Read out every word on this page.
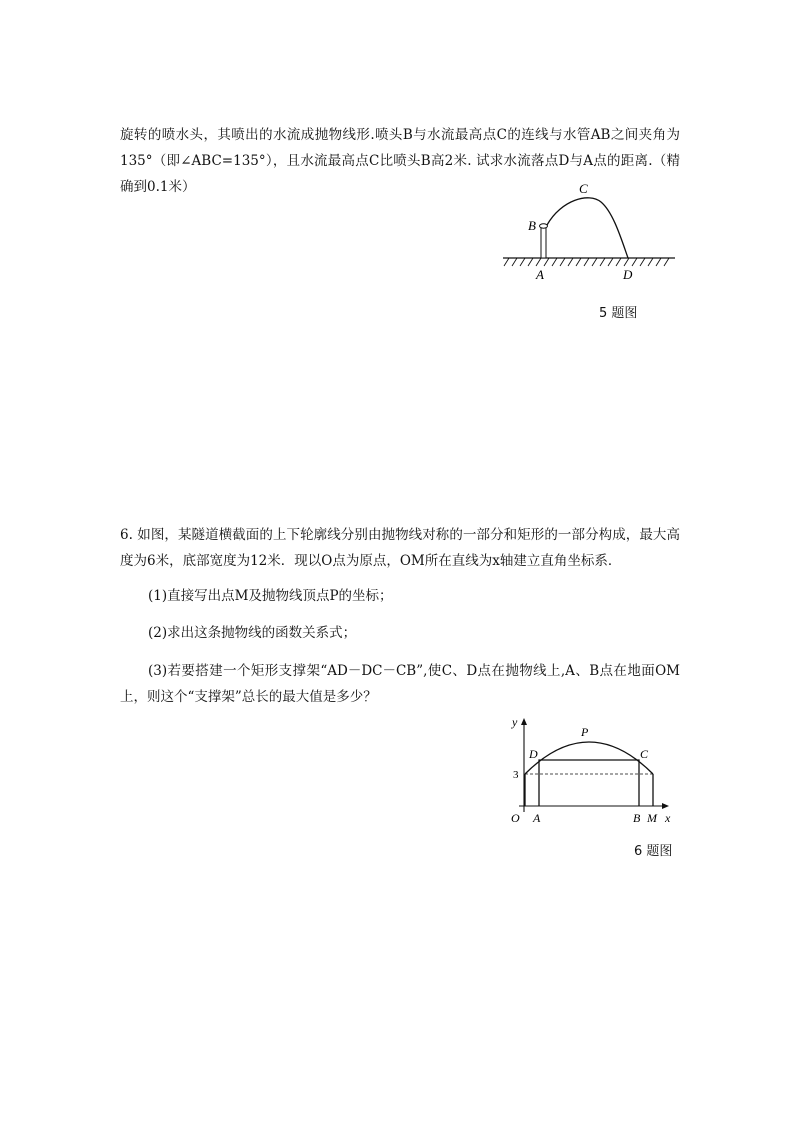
旋转的喷水头，其喷出的水流成抛物线形.喷头B与水流最高点C的连线与水管AB之间夹角为135°（即∠ABC=135°），且水流最高点C比喷头B高2米. 试求水流落点D与A点的距离.（精确到0.1米）

B
C
A	D
5 题图

6. 如图，某隧道横截面的上下轮廓线分别由抛物线对称的一部分和矩形的一部分构成，最大高度为6米，底部宽度为12米．现以O点为原点，OM所在直线为x轴建立直角坐标系．

(1)直接写出点M及抛物线顶点P的坐标；

(2)求出这条抛物线的函数关系式；

(3)若要搭建一个矩形支撑架“AD－DC－CB”,使C、D点在抛物线上,A、B点在地面OM上，则这个“支撑架”总长的最大值是多少？

y
x
O A	B M
D	C
P
3
6 题图
